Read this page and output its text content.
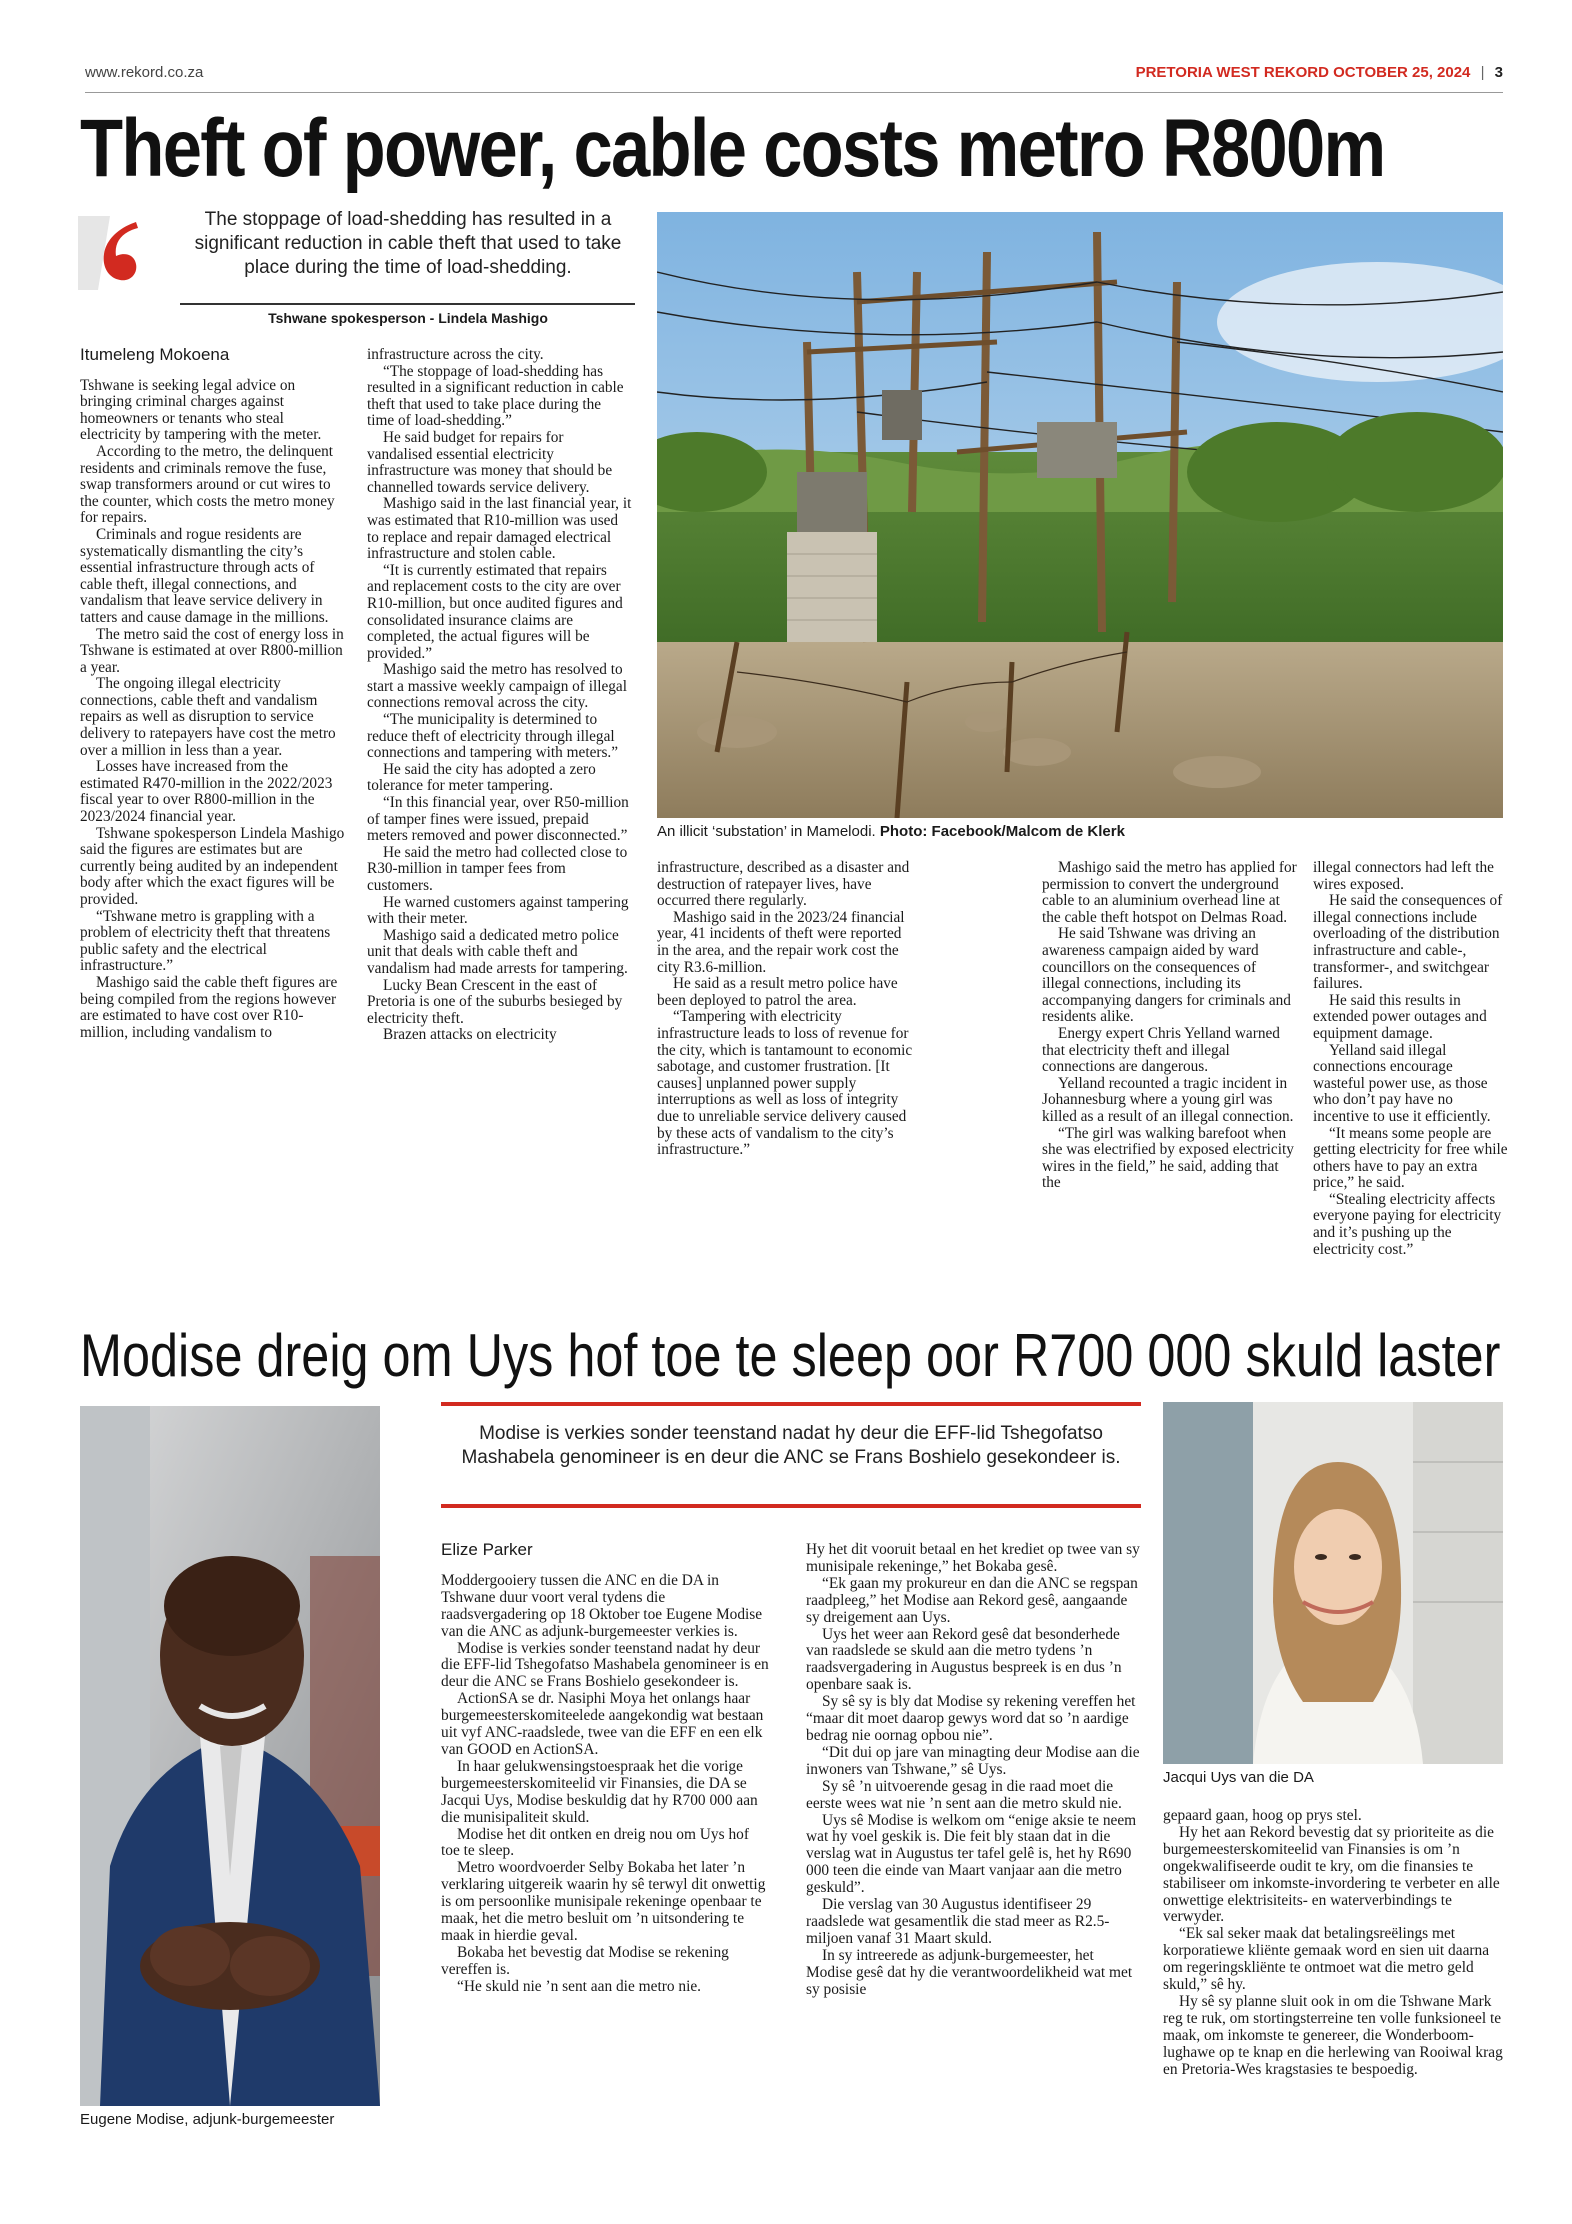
www.rekord.co.za	PRETORIA WEST REKORD OCTOBER 25, 2024 | 3
Theft of power, cable costs metro R800m
The stoppage of load-shedding has resulted in a significant reduction in cable theft that used to take place during the time of load-shedding.
Tshwane spokesperson - Lindela Mashigo
An illicit ‘substation’ in Mamelodi. Photo: Facebook/Malcom de Klerk
Itumeleng Mokoena

Tshwane is seeking legal advice on bringing criminal charges against homeowners or tenants who steal electricity by tampering with the meter.

According to the metro, the delinquent residents and criminals remove the fuse, swap transformers around or cut wires to the counter, which costs the metro money for repairs.

Criminals and rogue residents are systematically dismantling the city’s essential infrastructure through acts of cable theft, illegal connections, and vandalism that leave service delivery in tatters and cause damage in the millions.

The metro said the cost of energy loss in Tshwane is estimated at over R800-million a year.

The ongoing illegal electricity connections, cable theft and vandalism repairs as well as disruption to service delivery to ratepayers have cost the metro over a million in less than a year.

Losses have increased from the estimated R470-million in the 2022/2023 fiscal year to over R800-million in the 2023/2024 financial year.

Tshwane spokesperson Lindela Mashigo said the figures are estimates but are currently being audited by an independent body after which the exact figures will be provided.

“Tshwane metro is grappling with a problem of electricity theft that threatens public safety and the electrical infrastructure.”

Mashigo said the cable theft figures are being compiled from the regions however are estimated to have cost over R10-million, including vandalism to

infrastructure across the city.

“The stoppage of load-shedding has resulted in a significant reduction in cable theft that used to take place during the time of load-shedding.”

He said budget for repairs for vandalised essential electricity infrastructure was money that should be channelled towards service delivery.

Mashigo said in the last financial year, it was estimated that R10-million was used to replace and repair damaged electrical infrastructure and stolen cable.

“It is currently estimated that repairs and replacement costs to the city are over R10-million, but once audited figures and consolidated insurance claims are completed, the actual figures will be provided.”

Mashigo said the metro has resolved to start a massive weekly campaign of illegal connections removal across the city.

“The municipality is determined to reduce theft of electricity through illegal connections and tampering with meters.”

He said the city has adopted a zero tolerance for meter tampering.

“In this financial year, over R50-million of tamper fines were issued, prepaid meters removed and power disconnected.”

He said the metro had collected close to R30-million in tamper fees from customers.

He warned customers against tampering with their meter.

Mashigo said a dedicated metro police unit that deals with cable theft and vandalism had made arrests for tampering.

Lucky Bean Crescent in the east of Pretoria is one of the suburbs besieged by electricity theft.

Brazen attacks on electricity

infrastructure, described as a disaster and destruction of ratepayer lives, have occurred there regularly.

Mashigo said in the 2023/24 financial year, 41 incidents of theft were reported in the area, and the repair work cost the city R3.6-million.

He said as a result metro police have been deployed to patrol the area.

“Tampering with electricity infrastructure leads to loss of revenue for the city, which is tantamount to economic sabotage, and customer frustration. [It causes] unplanned power supply interruptions as well as loss of integrity due to unreliable service delivery caused by these acts of vandalism to the city’s infrastructure.”

Mashigo said the metro has applied for permission to convert the underground cable to an aluminium overhead line at the cable theft hotspot on Delmas Road.

He said Tshwane was driving an awareness campaign aided by ward councillors on the consequences of illegal connections, including its accompanying dangers for criminals and residents alike.

Energy expert Chris Yelland warned that electricity theft and illegal connections are dangerous.

Yelland recounted a tragic incident in Johannesburg where a young girl was killed as a result of an illegal connection.

“The girl was walking barefoot when she was electrified by exposed electricity wires in the field,” he said, adding that the

illegal connectors had left the wires exposed.

He said the consequences of illegal connections include overloading of the distribution infrastructure and cable-, transformer-, and switchgear failures.

He said this results in extended power outages and equipment damage.

Yelland said illegal connections encourage wasteful power use, as those who don’t pay have no incentive to use it efficiently.

“It means some people are getting electricity for free while others have to pay an extra price,” he said.

“Stealing electricity affects everyone paying for electricity and it’s pushing up the electricity cost.”

Modise dreig om Uys hof toe te sleep oor R700 000 skuld laster
Eugene Modise, adjunk-burgemeester
Modise is verkies sonder teenstand nadat hy deur die EFF-lid Tshegofatso Mashabela genomineer is en deur die ANC se Frans Boshielo gesekondeer is.
Jacqui Uys van die DA
Elize Parker

Moddergooiery tussen die ANC en die DA in Tshwane duur voort veral tydens die raadsvergadering op 18 Oktober toe Eugene Modise van die ANC as adjunk-burgemeester verkies is.

Modise is verkies sonder teenstand nadat hy deur die EFF-lid Tshegofatso Mashabela genomineer is en deur die ANC se Frans Boshielo gesekondeer is.

ActionSA se dr. Nasiphi Moya het onlangs haar burgemeesterskomiteelede aangekondig wat bestaan uit vyf ANC-raadslede, twee van die EFF en een elk van GOOD en ActionSA.

In haar gelukwensingstoespraak het die vorige burgemeesterskomiteelid vir Finansies, die DA se Jacqui Uys, Modise beskuldig dat hy R700 000 aan die munisipaliteit skuld.

Modise het dit ontken en dreig nou om Uys hof toe te sleep.

Metro woordvoerder Selby Bokaba het later ’n verklaring uitgereik waarin hy sê terwyl dit onwettig is om persoonlike munisipale rekeninge openbaar te maak, het die metro besluit om ’n uitsondering te maak in hierdie geval.

Bokaba het bevestig dat Modise se rekening vereffen is.

“He skuld nie ’n sent aan die metro nie.

Hy het dit vooruit betaal en het krediet op twee van sy munisipale rekeninge,” het Bokaba gesê.

“Ek gaan my prokureur en dan die ANC se regspan raadpleeg,” het Modise aan Rekord gesê, aangaande sy dreigement aan Uys.

Uys het weer aan Rekord gesê dat besonderhede van raadslede se skuld aan die metro tydens ’n raadsvergadering in Augustus bespreek is en dus ’n openbare saak is.

Sy sê sy is bly dat Modise sy rekening vereffen het “maar dit moet daarop gewys word dat so ’n aardige bedrag nie oornag opbou nie”.

“Dit dui op jare van minagting deur Modise aan die inwoners van Tshwane,” sê Uys.

Sy sê ’n uitvoerende gesag in die raad moet die eerste wees wat nie ’n sent aan die metro skuld nie.

Uys sê Modise is welkom om “enige aksie te neem wat hy voel geskik is. Die feit bly staan dat in die verslag wat in Augustus ter tafel gelê is, het hy R690 000 teen die einde van Maart vanjaar aan die metro geskuld”.

Die verslag van 30 Augustus identifiseer 29 raadslede wat gesamentlik die stad meer as R2.5-miljoen vanaf 31 Maart skuld.

In sy intreerede as adjunk-burgemeester, het Modise gesê dat hy die verantwoordelikheid wat met sy posisie

gepaard gaan, hoog op prys stel.

Hy het aan Rekord bevestig dat sy prioriteite as die burgemeesterskomiteelid van Finansies is om ’n ongekwalifiseerde oudit te kry, om die finansies te stabiliseer om inkomste-invordering te verbeter en alle onwettige elektrisiteits- en waterverbindings te verwyder.

“Ek sal seker maak dat betalingsreëlings met korporatiewe kliënte gemaak word en sien uit daarna om regeringskliënte te ontmoet wat die metro geld skuld,” sê hy.

Hy sê sy planne sluit ook in om die Tshwane Mark reg te ruk, om stortingsterreine ten volle funksioneel te maak, om inkomste te genereer, die Wonderboom-lughawe op te knap en die herlewing van Rooiwal krag en Pretoria-Wes kragstasies te bespoedig.
